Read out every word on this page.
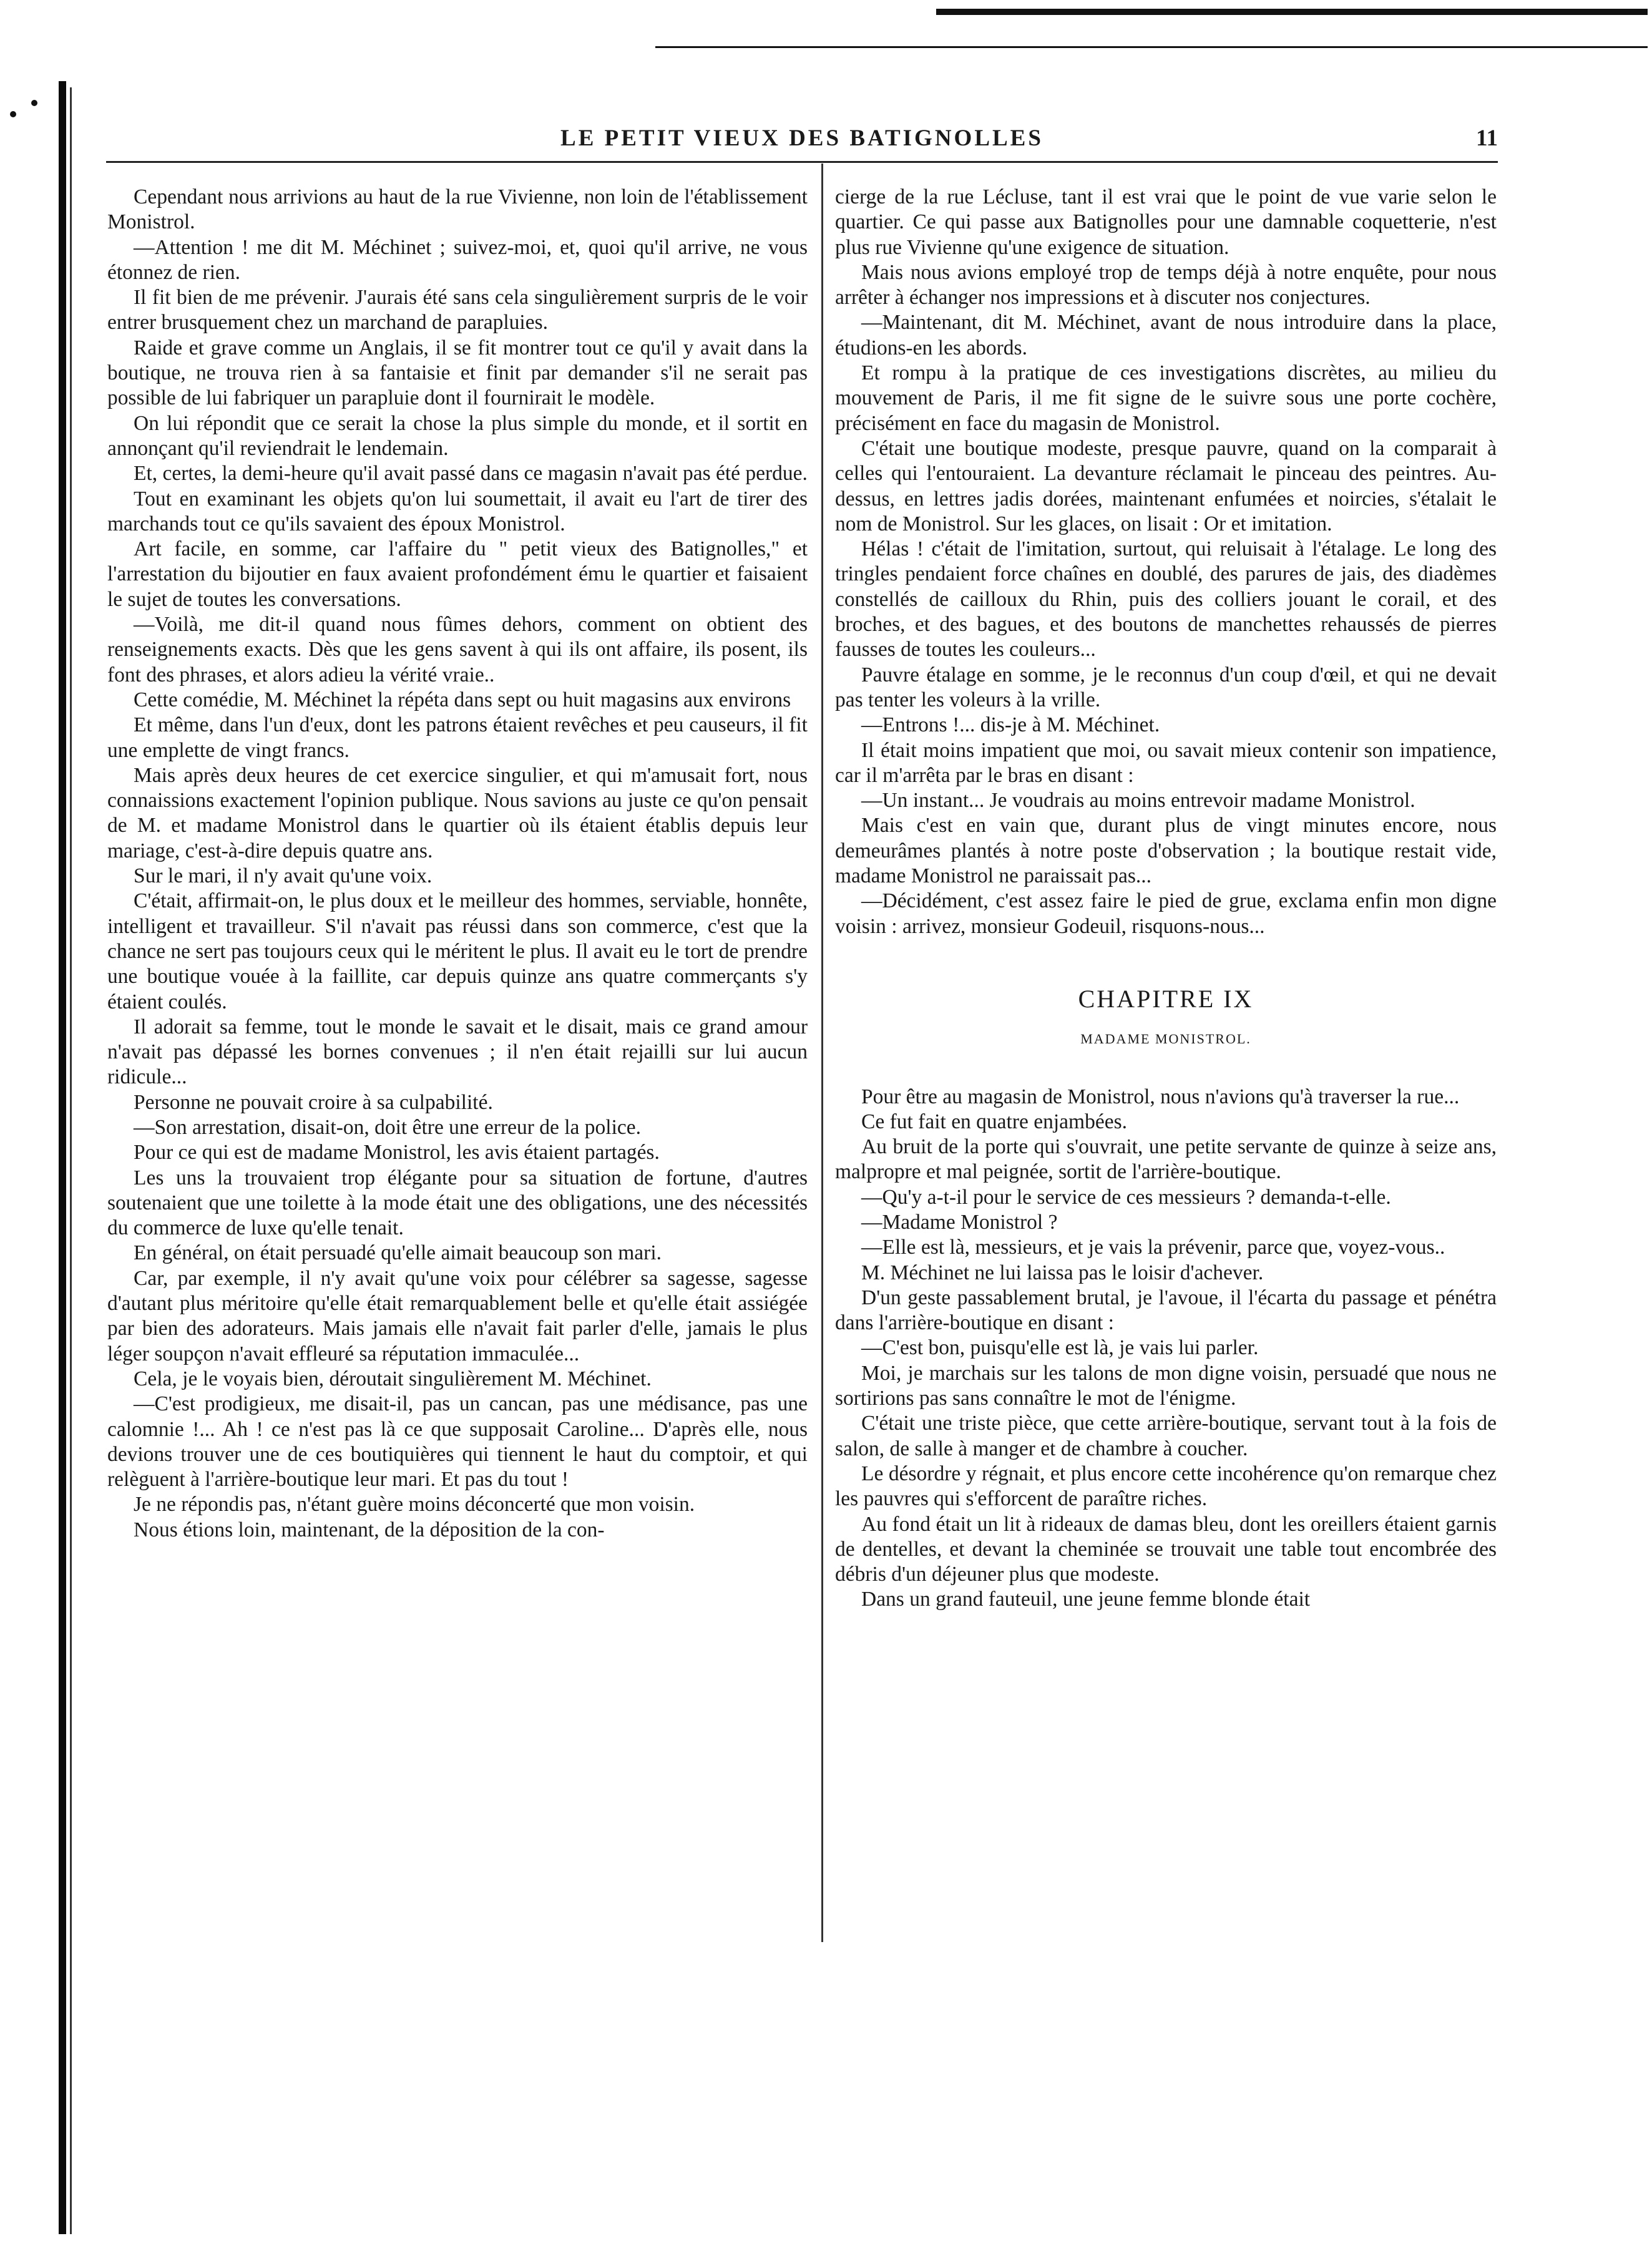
LE PETIT VIEUX DES BATIGNOLLES	11

Cependant nous arrivions au haut de la rue Vivienne, non loin de l'établissement Monistrol.

—Attention ! me dit M. Méchinet ; suivez-moi, et, quoi qu'il arrive, ne vous étonnez de rien.

Il fit bien de me prévenir. J'aurais été sans cela singulièrement surpris de le voir entrer brusquement chez un marchand de parapluies.

Raide et grave comme un Anglais, il se fit montrer tout ce qu'il y avait dans la boutique, ne trouva rien à sa fantaisie et finit par demander s'il ne serait pas possible de lui fabriquer un parapluie dont il fournirait le modèle.

On lui répondit que ce serait la chose la plus simple du monde, et il sortit en annonçant qu'il reviendrait le lendemain.

Et, certes, la demi-heure qu'il avait passé dans ce magasin n'avait pas été perdue.

Tout en examinant les objets qu'on lui soumettait, il avait eu l'art de tirer des marchands tout ce qu'ils savaient des époux Monistrol.

Art facile, en somme, car l'affaire du " petit vieux des Batignolles," et l'arrestation du bijoutier en faux avaient profondément ému le quartier et faisaient le sujet de toutes les conversations.

—Voilà, me dit-il quand nous fûmes dehors, comment on obtient des renseignements exacts. Dès que les gens savent à qui ils ont affaire, ils posent, ils font des phrases, et alors adieu la vérité vraie..

Cette comédie, M. Méchinet la répéta dans sept ou huit magasins aux environs

Et même, dans l'un d'eux, dont les patrons étaient revêches et peu causeurs, il fit une emplette de vingt francs.

Mais après deux heures de cet exercice singulier, et qui m'amusait fort, nous connaissions exactement l'opinion publique. Nous savions au juste ce qu'on pensait de M. et madame Monistrol dans le quartier où ils étaient établis depuis leur mariage, c'est-à-dire depuis quatre ans.

Sur le mari, il n'y avait qu'une voix.

C'était, affirmait-on, le plus doux et le meilleur des hommes, serviable, honnête, intelligent et travailleur. S'il n'avait pas réussi dans son commerce, c'est que la chance ne sert pas toujours ceux qui le méritent le plus. Il avait eu le tort de prendre une boutique vouée à la faillite, car depuis quinze ans quatre commerçants s'y étaient coulés.

Il adorait sa femme, tout le monde le savait et le disait, mais ce grand amour n'avait pas dépassé les bornes convenues ; il n'en était rejailli sur lui aucun ridicule...

Personne ne pouvait croire à sa culpabilité.

—Son arrestation, disait-on, doit être une erreur de la police.

Pour ce qui est de madame Monistrol, les avis étaient partagés.

Les uns la trouvaient trop élégante pour sa situation de fortune, d'autres soutenaient que une toilette à la mode était une des obligations, une des nécessités du commerce de luxe qu'elle tenait.

En général, on était persuadé qu'elle aimait beaucoup son mari.

Car, par exemple, il n'y avait qu'une voix pour célébrer sa sagesse, sagesse d'autant plus méritoire qu'elle était remarquablement belle et qu'elle était assiégée par bien des adorateurs. Mais jamais elle n'avait fait parler d'elle, jamais le plus léger soupçon n'avait effleuré sa réputation immaculée...

Cela, je le voyais bien, déroutait singulièrement M. Méchinet.

—C'est prodigieux, me disait-il, pas un cancan, pas une médisance, pas une calomnie !... Ah ! ce n'est pas là ce que supposait Caroline... D'après elle, nous devions trouver une de ces boutiquières qui tiennent le haut du comptoir, et qui relèguent à l'arrière-boutique leur mari. Et pas du tout !

Je ne répondis pas, n'étant guère moins déconcerté que mon voisin.

Nous étions loin, maintenant, de la déposition de la con-

cierge de la rue Lécluse, tant il est vrai que le point de vue varie selon le quartier. Ce qui passe aux Batignolles pour une damnable coquetterie, n'est plus rue Vivienne qu'une exigence de situation.

Mais nous avions employé trop de temps déjà à notre enquête, pour nous arrêter à échanger nos impressions et à discuter nos conjectures.

—Maintenant, dit M. Méchinet, avant de nous introduire dans la place, étudions-en les abords.

Et rompu à la pratique de ces investigations discrètes, au milieu du mouvement de Paris, il me fit signe de le suivre sous une porte cochère, précisément en face du magasin de Monistrol.

C'était une boutique modeste, presque pauvre, quand on la comparait à celles qui l'entouraient. La devanture réclamait le pinceau des peintres. Au-dessus, en lettres jadis dorées, maintenant enfumées et noircies, s'étalait le nom de Monistrol. Sur les glaces, on lisait : Or et imitation.

Hélas ! c'était de l'imitation, surtout, qui reluisait à l'étalage. Le long des tringles pendaient force chaînes en doublé, des parures de jais, des diadèmes constellés de cailloux du Rhin, puis des colliers jouant le corail, et des broches, et des bagues, et des boutons de manchettes rehaussés de pierres fausses de toutes les couleurs...

Pauvre étalage en somme, je le reconnus d'un coup d'œil, et qui ne devait pas tenter les voleurs à la vrille.

—Entrons !... dis-je à M. Méchinet.

Il était moins impatient que moi, ou savait mieux contenir son impatience, car il m'arrêta par le bras en disant :

—Un instant... Je voudrais au moins entrevoir madame Monistrol.

Mais c'est en vain que, durant plus de vingt minutes encore, nous demeurâmes plantés à notre poste d'observation ; la boutique restait vide, madame Monistrol ne paraissait pas...

—Décidément, c'est assez faire le pied de grue, exclama enfin mon digne voisin : arrivez, monsieur Godeuil, risquons-nous...

CHAPITRE IX
MADAME MONISTROL.

Pour être au magasin de Monistrol, nous n'avions qu'à traverser la rue...

Ce fut fait en quatre enjambées.

Au bruit de la porte qui s'ouvrait, une petite servante de quinze à seize ans, malpropre et mal peignée, sortit de l'arrière-boutique.

—Qu'y a-t-il pour le service de ces messieurs ? demanda-t-elle.

—Madame Monistrol ?

—Elle est là, messieurs, et je vais la prévenir, parce que, voyez-vous..

M. Méchinet ne lui laissa pas le loisir d'achever.

D'un geste passablement brutal, je l'avoue, il l'écarta du passage et pénétra dans l'arrière-boutique en disant :

—C'est bon, puisqu'elle est là, je vais lui parler.

Moi, je marchais sur les talons de mon digne voisin, persuadé que nous ne sortirions pas sans connaître le mot de l'énigme.

C'était une triste pièce, que cette arrière-boutique, servant tout à la fois de salon, de salle à manger et de chambre à coucher.

Le désordre y régnait, et plus encore cette incohérence qu'on remarque chez les pauvres qui s'efforcent de paraître riches.

Au fond était un lit à rideaux de damas bleu, dont les oreillers étaient garnis de dentelles, et devant la cheminée se trouvait une table tout encombrée des débris d'un déjeuner plus que modeste.

Dans un grand fauteuil, une jeune femme blonde était
